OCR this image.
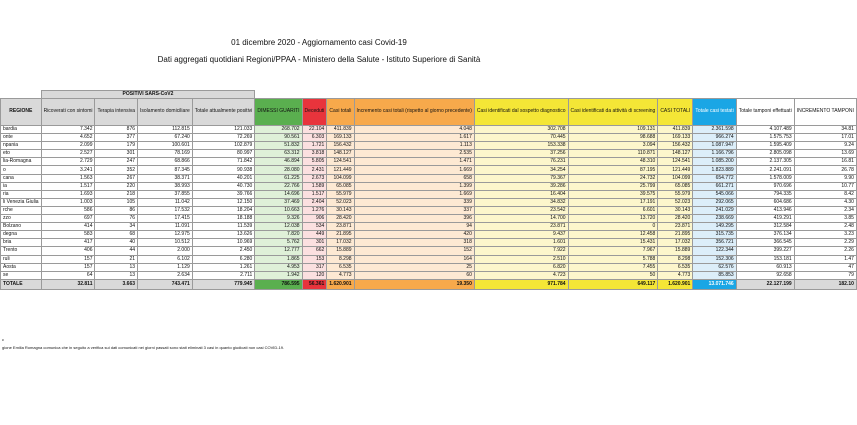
01 dicembre 2020 - Aggiornamento casi Covid-19
Dati aggregati quotidiani Regioni/PPAA - Ministero della Salute - Istituto Superiore di Sanità
	POSITIVI SARS-CoV2													
REGIONE	Ricoverati con sintomi	Terapia intensiva	Isolamento domiciliare	Totale attualmente positivi	DIMESSI GUARITI	Deceduti	Casi totali	Incremento casi totali (rispetto al giorno precedente)	Casi identificati dal sospetto diagnostico	Casi identificati da attività di screening	CASI TOTALI	Totale casi testati	Totale tamponi effettuati	INCREMENTO TAMPONI
bardia	7.342	876	112.815	121.033	268.702	22.104	411.839	4.048	302.708	109.131	411.839	2.361.598	4.107.489	34.81
onte	4.652	377	67.240	72.269	90.561	6.303	169.133	1.617	70.445	98.688	169.133	966.274	1.575.753	17.01
npania	2.099	179	100.601	102.879	51.832	1.721	156.432	1.113	153.338	3.094	156.432	1.087.947	1.595.409	9.24
eto	2.527	301	78.169	80.997	63.312	3.818	148.127	2.535	37.256	110.871	148.127	1.166.796	2.805.098	13.69
lia-Romagna	2.729	247	68.866	71.842	46.894	5.805	124.541	1.471	76.231	48.310	124.541	1.085.200	2.137.305	16.81
o	3.241	352	87.345	90.938	28.080	2.431	121.449	1.669	34.254	87.195	121.449	1.823.889	2.241.091	26.78
cana	1.563	267	38.371	40.201	61.225	2.673	104.099	658	79.367	24.732	104.099	654.772	1.578.009	9.90
ia	1.517	220	38.993	40.730	22.766	1.589	65.085	1.399	39.286	25.799	65.085	661.271	970.696	10.77
ria	1.693	218	37.855	39.766	14.696	1.517	55.979	1.669	16.404	39.575	55.979	545.066	794.335	8.42
li Venezia Giulia	1.003	105	11.042	12.150	37.469	2.404	52.023	339	34.832	17.191	52.023	292.065	604.686	4.30
rche	586	86	17.532	18.204	10.663	1.276	30.143	337	23.542	6.601	30.143	241.029	413.946	2.34
zzo	697	76	17.415	18.188	9.326	906	28.420	396	14.700	13.720	28.420	238.669	419.291	3.85
Bolzano	414	34	11.091	11.539	12.038	534	23.871	94	23.871	0	23.871	149.295	312.584	2.48
degna	583	68	12.975	13.626	7.820	449	21.895	420	9.437	12.458	21.895	315.735	376.134	3.23
bria	417	40	10.512	10.969	5.762	301	17.032	318	1.601	15.431	17.032	356.721	366.545	2.29
Trento	406	44	2.000	2.450	12.777	662	15.889	152	7.922	7.967	15.889	122.344	399.227	2.26
ruli	157	21	6.102	6.280	1.865	153	8.298	164	2.510	5.788	8.298	152.306	153.181	1.47
Aosta	157	13	1.129	1.261	4.953	317	6.535	25	6.820	7.455	6.535	62.576	60.913	47
se	64	13	2.634	2.711	1.942	120	4.773	60	4.723	50	4.773	85.853	92.658	79
TOTALE	32.811	3.663	743.471	779.945	786.595	56.361	1.620.901	19.350	971.784	649.117	1.620.901	13.071.746	22.127.199	182.10
c
gione Emilia Romagna comunica che in seguito a verifica sui dati comunicati nei giorni passati sono stati eliminati 3 casi in quanto giudicati non casi COVID-19.
